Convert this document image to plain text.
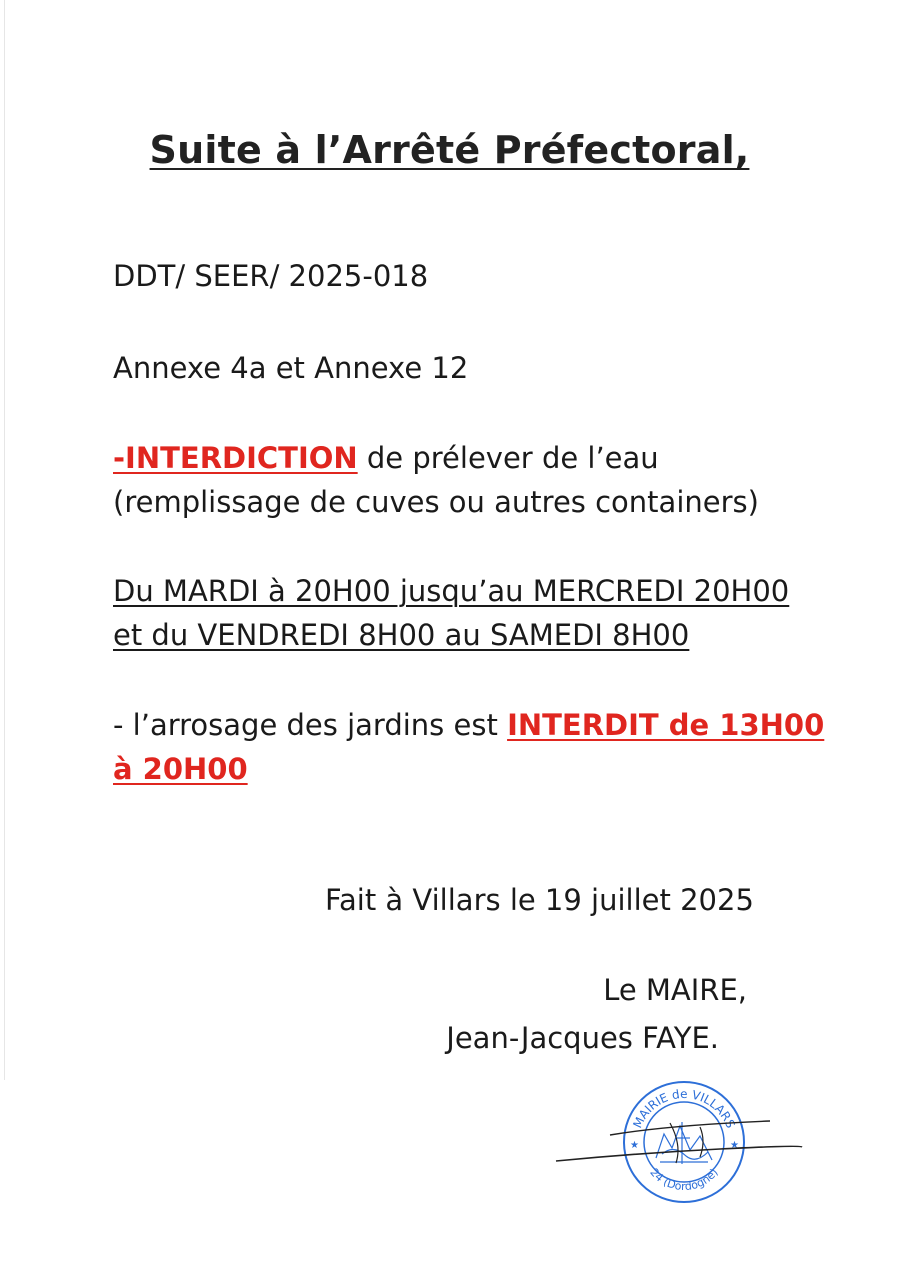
Suite à l’Arrêté Préfectoral,
DDT/ SEER/ 2025-018
Annexe 4a et Annexe 12
-INTERDICTION de prélever de l’eau
(remplissage de cuves ou autres containers)
Du MARDI à 20H00 jusqu’au MERCREDI 20H00
et du VENDREDI 8H00 au SAMEDI 8H00
- l’arrosage des jardins est INTERDIT de 13H00
à 20H00
Fait à Villars le 19 juillet 2025
Le MAIRE,
Jean-Jacques FAYE.
MAIRIE de VILLARS
24 (Dordogne)
★	★
